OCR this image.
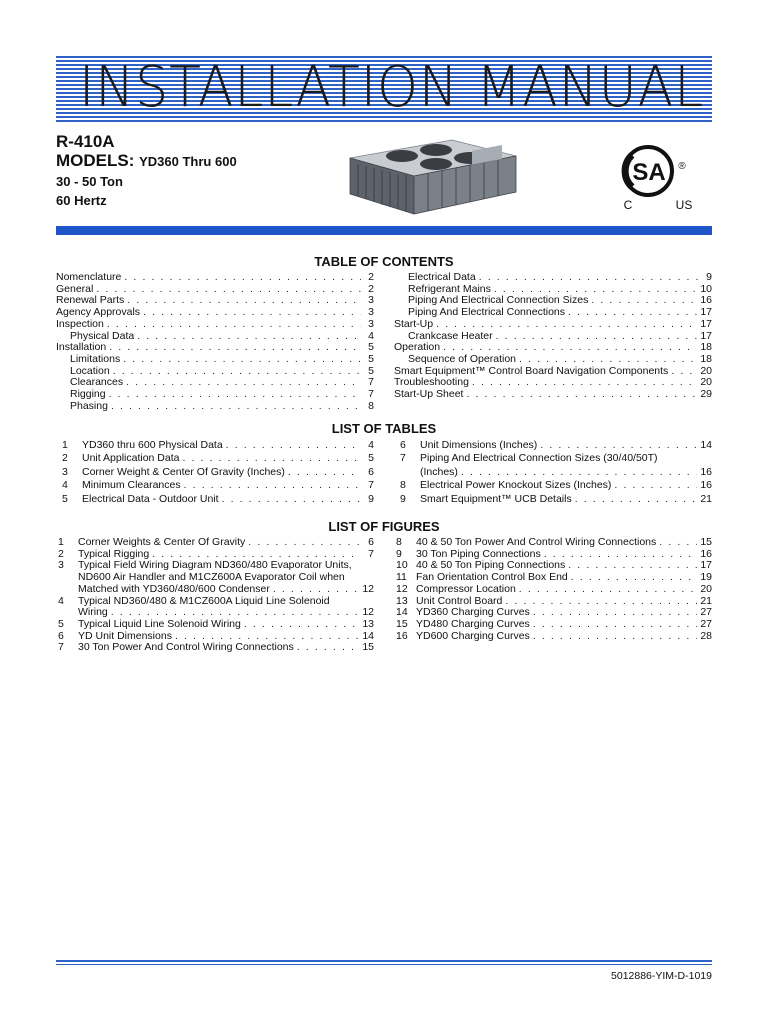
INSTALLATION MANUAL
R-410A
MODELS: YD360 Thru 600
30 - 50 Ton
60 Hertz
SA ®
C	US
TABLE OF CONTENTS
Nomenclature . . .	2
General . . .	2
Renewal Parts . . .	3
Agency Approvals . . .	3
Inspection . . .	3
Physical Data . . .	4
Installation . . .	5
Limitations . . .	5
Location . . .	5
Clearances . . .	7
Rigging . . .	7
Phasing . . .	8
Electrical Data . . .	9
Refrigerant Mains . . .	10
Piping And Electrical Connection Sizes . . .	16
Piping And Electrical Connections . . .	17
Start-Up . . .	17
Crankcase Heater . . .	17
Operation . . .	18
Sequence of Operation . . .	18
Smart Equipment™ Control Board Navigation Components . . .	20
Troubleshooting . . .	20
Start-Up Sheet . . .	29
LIST OF TABLES
1	YD360 thru 600 Physical Data . . .	4
2	Unit Application Data . . .	5
3	Corner Weight & Center Of Gravity (Inches) . . .	6
4	Minimum Clearances . . .	7
5	Electrical Data - Outdoor Unit . . .	9
6	Unit Dimensions (Inches) . . .	14
7	Piping And Electrical Connection Sizes (30/40/50T)
(Inches) . . .	16
8	Electrical Power Knockout Sizes (Inches) . . .	16
9	Smart Equipment™ UCB Details . . .	21
LIST OF FIGURES
1	Corner Weights & Center Of Gravity . . .	6
2	Typical Rigging . . .	7
3	Typical Field Wiring Diagram ND360/480 Evaporator Units,
ND600 Air Handler and M1CZ600A Evaporator Coil when
Matched with YD360/480/600 Condenser . . .	12
4	Typical ND360/480 & M1CZ600A Liquid Line Solenoid
Wiring . . .	12
5	Typical Liquid Line Solenoid Wiring . . .	13
6	YD Unit Dimensions . . .	14
7	30 Ton Power And Control Wiring Connections . . .	15
8	40 & 50 Ton Power And Control Wiring Connections . . .	15
9	30 Ton Piping Connections . . .	16
10 40 & 50 Ton Piping Connections . . .	17
11 Fan Orientation Control Box End . . .	19
12 Compressor Location . . .	20
13 Unit Control Board . . .	21
14 YD360 Charging Curves . . .	27
15 YD480 Charging Curves . . .	27
16 YD600 Charging Curves . . .	28
5012886-YIM-D-1019
